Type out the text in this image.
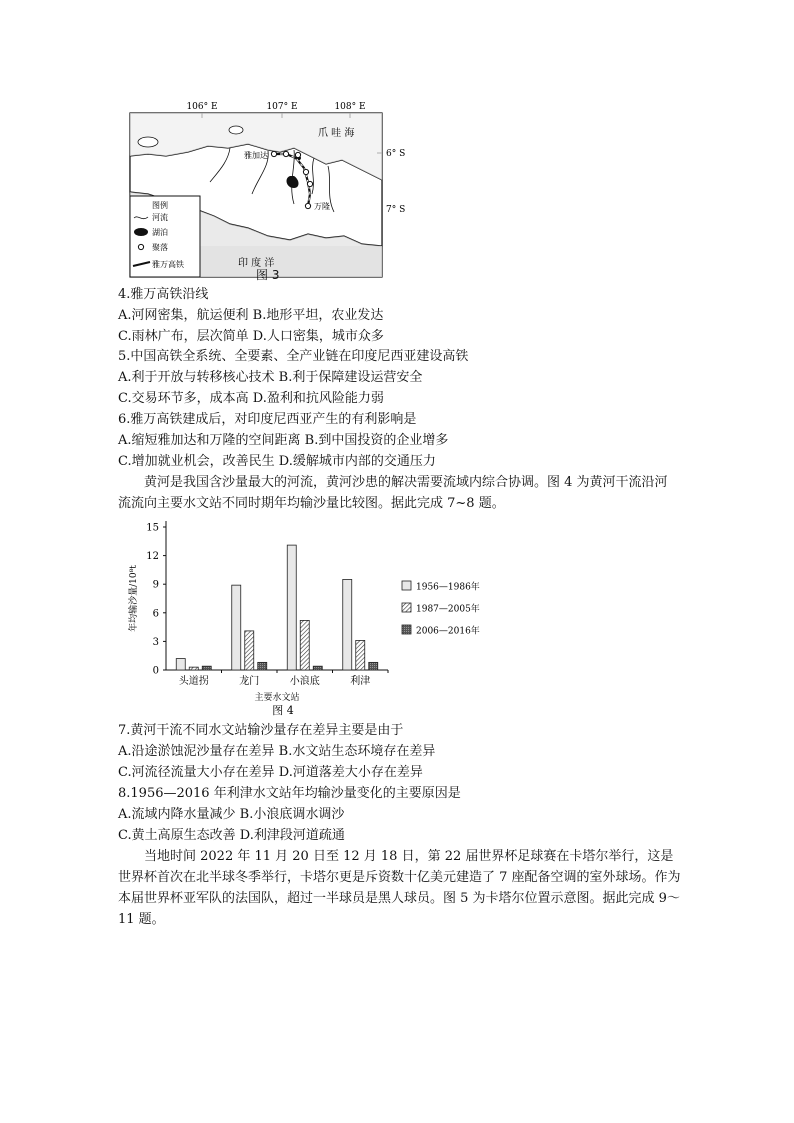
106° E	107° E	108° E
6° S
7° S
爪 哇 海
印 度 洋
雅加达
万隆
图例
河流
湖泊
聚落
雅万高铁
图 3
4.雅万高铁沿线
A.河网密集，航运便利 B.地形平坦，农业发达
C.雨林广布，层次简单 D.人口密集，城市众多
5.中国高铁全系统、全要素、全产业链在印度尼西亚建设高铁
A.利于开放与转移核心技术 B.利于保障建设运营安全
C.交易环节多，成本高 D.盈利和抗风险能力弱
6.雅万高铁建成后，对印度尼西亚产生的有利影响是
A.缩短雅加达和万隆的空间距离 B.到中国投资的企业增多
C.增加就业机会，改善民生 D.缓解城市内部的交通压力
黄河是我国含沙量最大的河流，黄河沙患的解决需要流域内综合协调。图 4 为黄河干流沿河流流向主要水文站不同时期年均输沙量比较图。据此完成 7~8 题。
0
3
6
9
12
15
年均输沙量/10⁸t
头道拐	龙门	小浪底	利津
主要水文站
1956—1986年
1987—2005年
2006—2016年
图 4
7.黄河干流不同水文站输沙量存在差异主要是由于
A.沿途淤蚀泥沙量存在差异 B.水文站生态环境存在差异
C.河流径流量大小存在差异 D.河道落差大小存在差异
8.1956—2016 年利津水文站年均输沙量变化的主要原因是
A.流域内降水量减少 B.小浪底调水调沙
C.黄土高原生态改善 D.利津段河道疏通
当地时间 2022 年 11 月 20 日至 12 月 18 日，第 22 届世界杯足球赛在卡塔尔举行，这是世界杯首次在北半球冬季举行，卡塔尔更是斥资数十亿美元建造了 7 座配备空调的室外球场。作为本届世界杯亚军队的法国队，超过一半球员是黑人球员。图 5 为卡塔尔位置示意图。据此完成 9～11 题。
